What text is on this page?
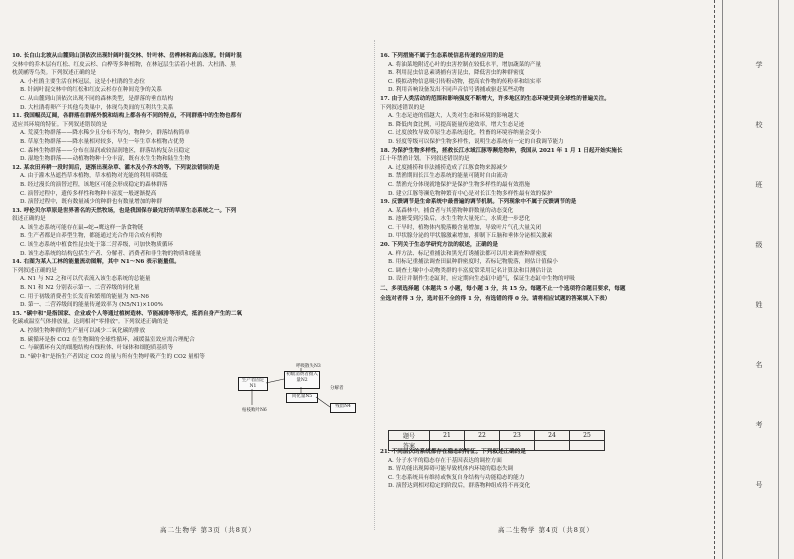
10. 长白山北坡从山麓到山顶依次出现针阔叶混交林、针叶林、岳桦林和高山冻原。针阔叶混

交林中的乔木层有红松、红皮云杉、白桦等多种植物，在林冠层生活着小杜鹃、大杜鹃、黑

枕黄鹂等鸟类。下列叙述正确的是

A. 小杜鹃主要生活在林冠层，这是小杜鹃的生态位

B. 针阔叶混交林中的红松和红皮云杉存在种间竞争的关系

C. 从山麓到山顶依次出现不同的森林类型，是群落的垂直结构

D. 大杜鹃将卵产于其他鸟类巢中，体现鸟类间的互利共生关系

11. 我国幅员辽阔，各群落在群落外貌和结构上都各有不同的特点，不同群落中的生物也都有

适应其环境的特征。下列叙述错误的是

A. 荒漠生物群落——降水稀少且分布不均匀，物种少，群落结构简单

B. 草原生物群落——降水量相对较多，早生一年生草本植物占优势

C. 森林生物群落——分布在湿润或较湿润地区，群落结构复杂且稳定

D. 湿地生物群落——动植物物种十分丰富，既有水生生物和陆生生物

12. 某农田弃耕一段时间后，逐渐出现杂草、灌木及小乔木的等。下列说法错误的是

A. 由于灌木丛遮挡草本植物，草本植物对光能的利用率降低

B. 经过漫长的演替过程，该地区可能会形成稳定的森林群落

C. 演替过程中，遗传多样性和物种丰富度一般逐渐提高

D. 演替过程中，既有数量减少的种群也有数量增加的种群

13. 呼伦贝尔草原是世界著名的天然牧场，也是我国保存最完好的草原生态系统之一。下列

叙述正确的是

A. 该生态系统可能存在鼠→蛇→鹰这样一条食物链

B. 生产者都是自养型生物，都能通过光合作用合成有机物

C. 该生态系统中植食性昆虫处于第二营养级，可加快物质循环

D. 该生态系统的结构包括生产者、分解者、消费者和非生物的物质和能量

14. 右图为某人工林的能量流动图解，其中 N1～N6 表示能量值。

下列叙述正确的是

A. N1 与 N2 之和可以代表流入该生态系统的总能量

B. N1 和 N2 分别表示第一、二营养级的同化量

C. 用于初级消费者生长发育和繁殖的能量为 N5-N6

D. 第一、二营养级间的能量传递效率为 (N5/N1)×100%

15. "碳中和"是指国家、企业或个人等通过植树造林、节能减排等形式，抵消自身产生的二氧

化碳或温室气体排放量，达到相对"零排放"。下列叙述正确的是

A. 控制生物种群的生产量可以减少二氧化碳的排放

B. 碳循环是指 CO2 在生物圈的全球性循环，减缓温室效应需合理配合

C. 与碳循环有关的细胞结构有线粒体、叶绿体和细胞质基质等

D. "碳中和"是指生产者固定 CO2 的量与所有生物呼吸产生的 CO2 量相等

16. 下列措施不属于生态系统信息传递的应用的是

A. 将油菜地附近心叶的虫害控制在较低水平，增加蔬菜的产量

B. 利用昆虫信息素诱捕有害昆虫，降低害虫的种群密度

C. 模拟动物信息吸引传粉动物，提高农作物的传粉率和结实率

D. 利用音响设备发出不同声音信号诱捕或驱赶某些动物

17. 由于人类活动的范围和影响强度不断增大，许多地区的生态环境受到全球性的普遍关注。

下列叙述错误的是

A. 生态足迹的值越大，人类对生态和环境的影响越大

B. 降低肉食比例，可提高能量传递效率，增大生态足迹

C. 过度放牧导致草原生态系统退化，牲畜的环境容纳量会变小

D. 轻度等级可以保护生物多样性，说明生态系统有一定的自我调节能力

18. 为保护生物多样性，拯救长江水域江豚等濒危物种，我国从 2021 年 1 月 1 日起开始实施长

江十年禁渔计划。下列叙述错误的是

A. 过度捕捞和非法捕捞造成了江豚食物来源减少

B. 禁渔期间长江生态系统的能量可随时自由流动

C. 禁渔充分体现就地保护是保护生物多样性的最有效措施

D. 建立江豚等濒危物种繁育中心是对长江生物多样性最有效的保护

19. 反馈调节是生命系统中最普遍的调节机制。下列现象中不属于反馈调节的是

A. 某森林中，捕食者与其猎物种群数量的动态变化

B. 池塘受到污染后，水生生物大量死亡，水质进一步恶化

C. 干旱时，植物体内脱落酸含量增加，导致叶片气孔大量关闭

D. 甲状腺分泌的甲状腺激素增加，抑制下丘脑和垂体分泌相关激素

20. 下列关于生态学研究方法的叙述，正确的是

A. 样方法、标记重捕法和黑光灯诱捕法都可以用来调查种群密度

B. 用标记重捕法调查田鼠种群密度时，若标记物脱落，则估计值偏小

C. 调查土壤中小动物类群的丰富度常采用记名计算法和目测估计法

D. 设计并制作生态缸时，应定期向生态缸中通气，保证生态缸中生物的呼吸

二、多项选择题（本题共 5 小题，每小题 3 分，共 15 分。每题不止一个选项符合题目要求，每题

全选对者得 3 分，选对但不全的得 1 分，有选错的得 0 分。请将相应试题的答案填入下表）

生产者固定N1
初级消费者摄入量N2
同化量N5
残留N4
呼吸散失N3
枯枝败叶N6
分解者
题号	21	22	23	24	25
答案					

21. 不同层次的系统都存在稳态的特征。下列叙述正确的是

A. 分子水平的稳态存在于基因表达的调控方面

B. 胃功能出现障碍可能导致机体内环境的稳态失调

C. 生态系统具有维持或恢复自身结构与功能稳态的能力

D. 演替达到相对稳定的阶段后，群落物种组成将不再变化

高二生物学 第3页（共8页）	高二生物学 第4页（共8页）
学
校
班
级
姓
名
考
号
